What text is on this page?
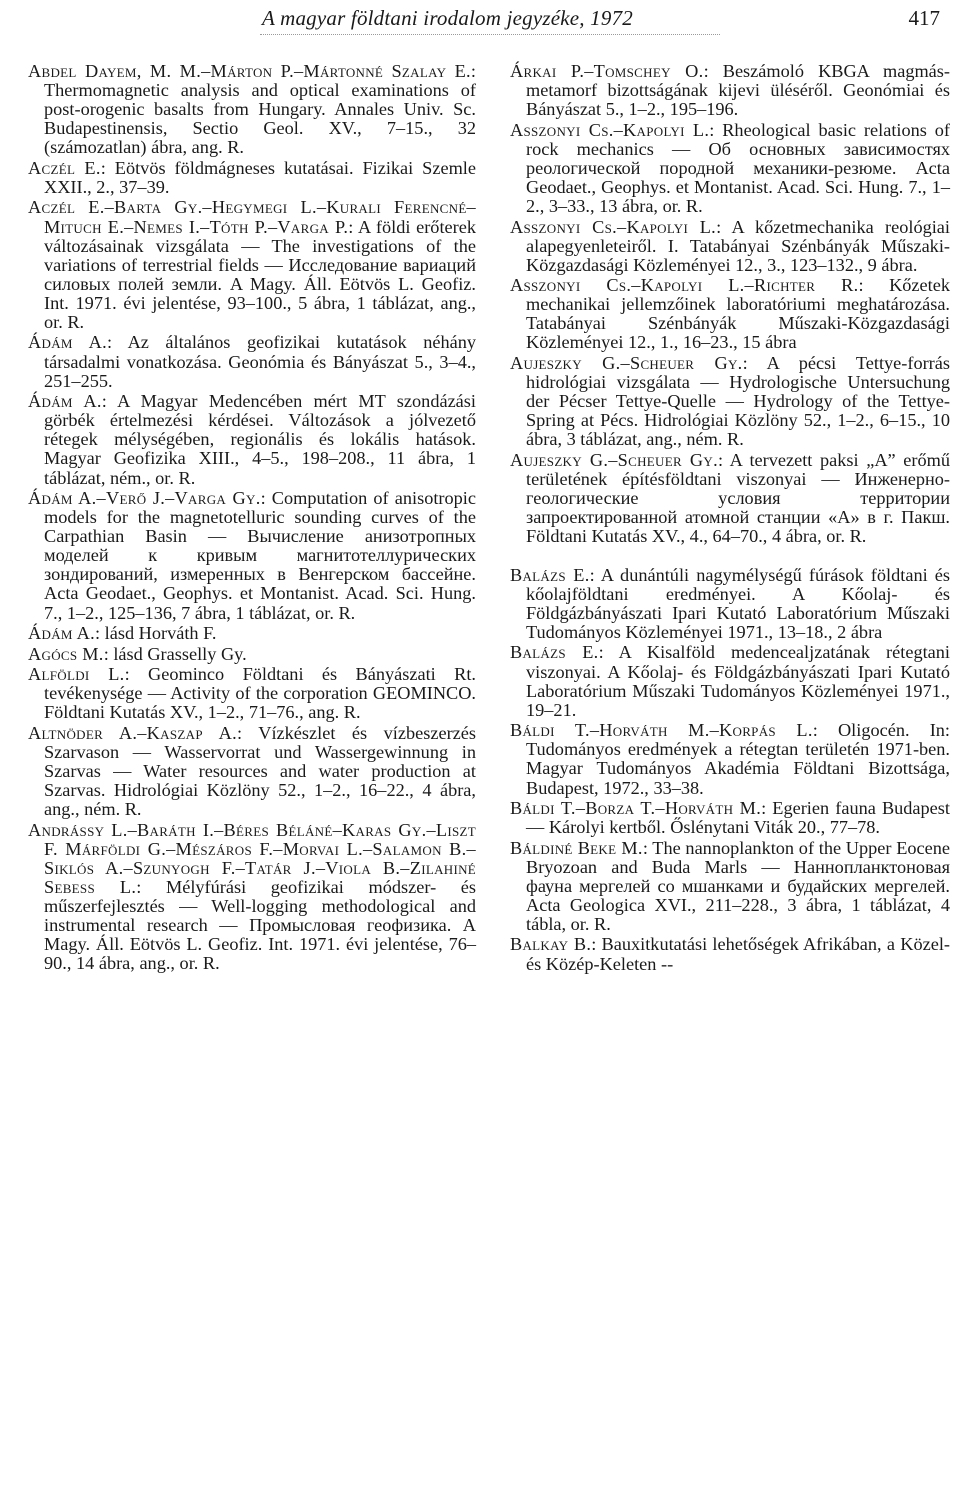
A magyar földtani irodalom jegyzéke, 1972	417

Abdel Dayem, M. M.–Márton P.–Mártonné Szalay E.: Thermomagnetic analysis and optical examinations of post-orogenic basalts from Hungary. Annales Univ. Sc. Budapestinensis, Sectio Geol. XV., 7–15., 32 (számozatlan) ábra, ang. R.

Aczél E.: Eötvös földmágneses kutatásai. Fizikai Szemle XXII., 2., 37–39.

Aczél E.–Barta Gy.–Hegymegi L.–Kurali Ferencné–Mituch E.–Nemes I.–Tóth P.–Varga P.: A földi erőterek változásainak vizsgálata — The investigations of the variations of terrestrial fields — Исследование вариаций силовых полей земли. A Magy. Áll. Eötvös L. Geofiz. Int. 1971. évi jelentése, 93–100., 5 ábra, 1 táblázat, ang., or. R.

Ádám A.: Az általános geofizikai kutatások néhány társadalmi vonatkozása. Geonómia és Bányászat 5., 3–4., 251–255.

Ádám A.: A Magyar Medencében mért MT szondázási görbék értelmezési kérdései. Változások a jólvezető rétegek mélységében, regionális és lokális hatások. Magyar Geofizika XIII., 4–5., 198–208., 11 ábra, 1 táblázat, ném., or. R.

Ádám A.–Verő J.–Varga Gy.: Computation of anisotropic models for the magnetotelluric sounding curves of the Carpathian Basin — Вычисление анизотропных моделей к кривым магнитотеллурических зондирований, измеренных в Венгерском бассейне. Acta Geodaet., Geophys. et Montanist. Acad. Sci. Hung. 7., 1–2., 125–136, 7 ábra, 1 táblázat, or. R.

Ádám A.: lásd Horváth F.

Agócs M.: lásd Grasselly Gy.

Alföldi L.: Geominco Földtani és Bányászati Rt. tevékenysége — Activity of the corporation GEOMINCO. Földtani Kutatás XV., 1–2., 71–76., ang. R.

Altnöder A.–Kaszap A.: Vízkészlet és vízbeszerzés Szarvason — Wasservorrat und Wassergewinnung in Szarvas — Water resources and water production at Szarvas. Hidrológiai Közlöny 52., 1–2., 16–22., 4 ábra, ang., ném. R.

Andrássy L.–Baráth I.–Béres Béláné–Karas Gy.–Liszt F. Márföldi G.–Mészáros F.–Morvai L.–Salamon B.–Siklós A.–Szunyogh F.–Tatár J.–Viola B.–Zilahiné Sebess L.: Mélyfúrási geofizikai módszer- és műszerfejlesztés — Well-logging methodological and instrumental research — Промысловая геофизика. A Magy. Áll. Eötvös L. Geofiz. Int. 1971. évi jelentése, 76–90., 14 ábra, ang., or. R.

Árkai P.–Tomschey O.: Beszámoló KBGA magmás-metamorf bizottságának kijevi üléséről. Geonómiai és Bányászat 5., 1–2., 195–196.

Asszonyi Cs.–Kapolyi L.: Rheological basic relations of rock mechanics — Об основных зависимостях реологической породной механики-резюме. Acta Geodaet., Geophys. et Montanist. Acad. Sci. Hung. 7., 1–2., 3–33., 13 ábra, or. R.

Asszonyi Cs.–Kapolyi L.: A kőzetmechanika reológiai alapegyenleteiről. I. Tatabányai Szénbányák Műszaki-Közgazdasági Közleményei 12., 3., 123–132., 9 ábra.

Asszonyi Cs.–Kapolyi L.–Richter R.: Kőzetek mechanikai jellemzőinek laboratóriumi meghatározása. Tatabányai Szénbányák Műszaki-Közgazdasági Közleményei 12., 1., 16–23., 15 ábra

Aujeszky G.–Scheuer Gy.: A pécsi Tettye-forrás hidrológiai vizsgálata — Hydrologische Untersuchung der Pécser Tettye-Quelle — Hydrology of the Tettye-Spring at Pécs. Hidrológiai Közlöny 52., 1–2., 6–15., 10 ábra, 3 táblázat, ang., ném. R.

Aujeszky G.–Scheuer Gy.: A tervezett paksi „A” erőmű területének építésföldtani viszonyai — Инженерно-геологические условия территории запроектированной атомной станции «А» в г. Пакш. Földtani Kutatás XV., 4., 64–70., 4 ábra, or. R.

Balázs E.: A dunántúli nagymélységű fúrások földtani és kőolajföldtani eredményei. A Kőolaj- és Földgázbányászati Ipari Kutató Laboratórium Műszaki Tudományos Közleményei 1971., 13–18., 2 ábra

Balázs E.: A Kisalföld medencealjzatának rétegtani viszonyai. A Kőolaj- és Földgázbányászati Ipari Kutató Laboratórium Műszaki Tudományos Közleményei 1971., 19–21.

Báldi T.–Horváth M.–Korpás L.: Oligocén. In: Tudományos eredmények a rétegtan területén 1971-ben. Magyar Tudományos Akadémia Földtani Bizottsága, Budapest, 1972., 33–38.

Báldi T.–Borza T.–Horváth M.: Egerien fauna Budapest — Károlyi kertből. Őslénytani Viták 20., 77–78.

Báldiné Beke M.: The nannoplankton of the Upper Eocene Bryozoan and Buda Marls — Наннопланктоновая фауна мергелей со мшанками и будайских мергелей. Acta Geologica XVI., 211–228., 3 ábra, 1 táblázat, 4 tábla, or. R.

Balkay B.: Bauxitkutatási lehetőségek Afrikában, a Közel- és Közép-Keleten --
